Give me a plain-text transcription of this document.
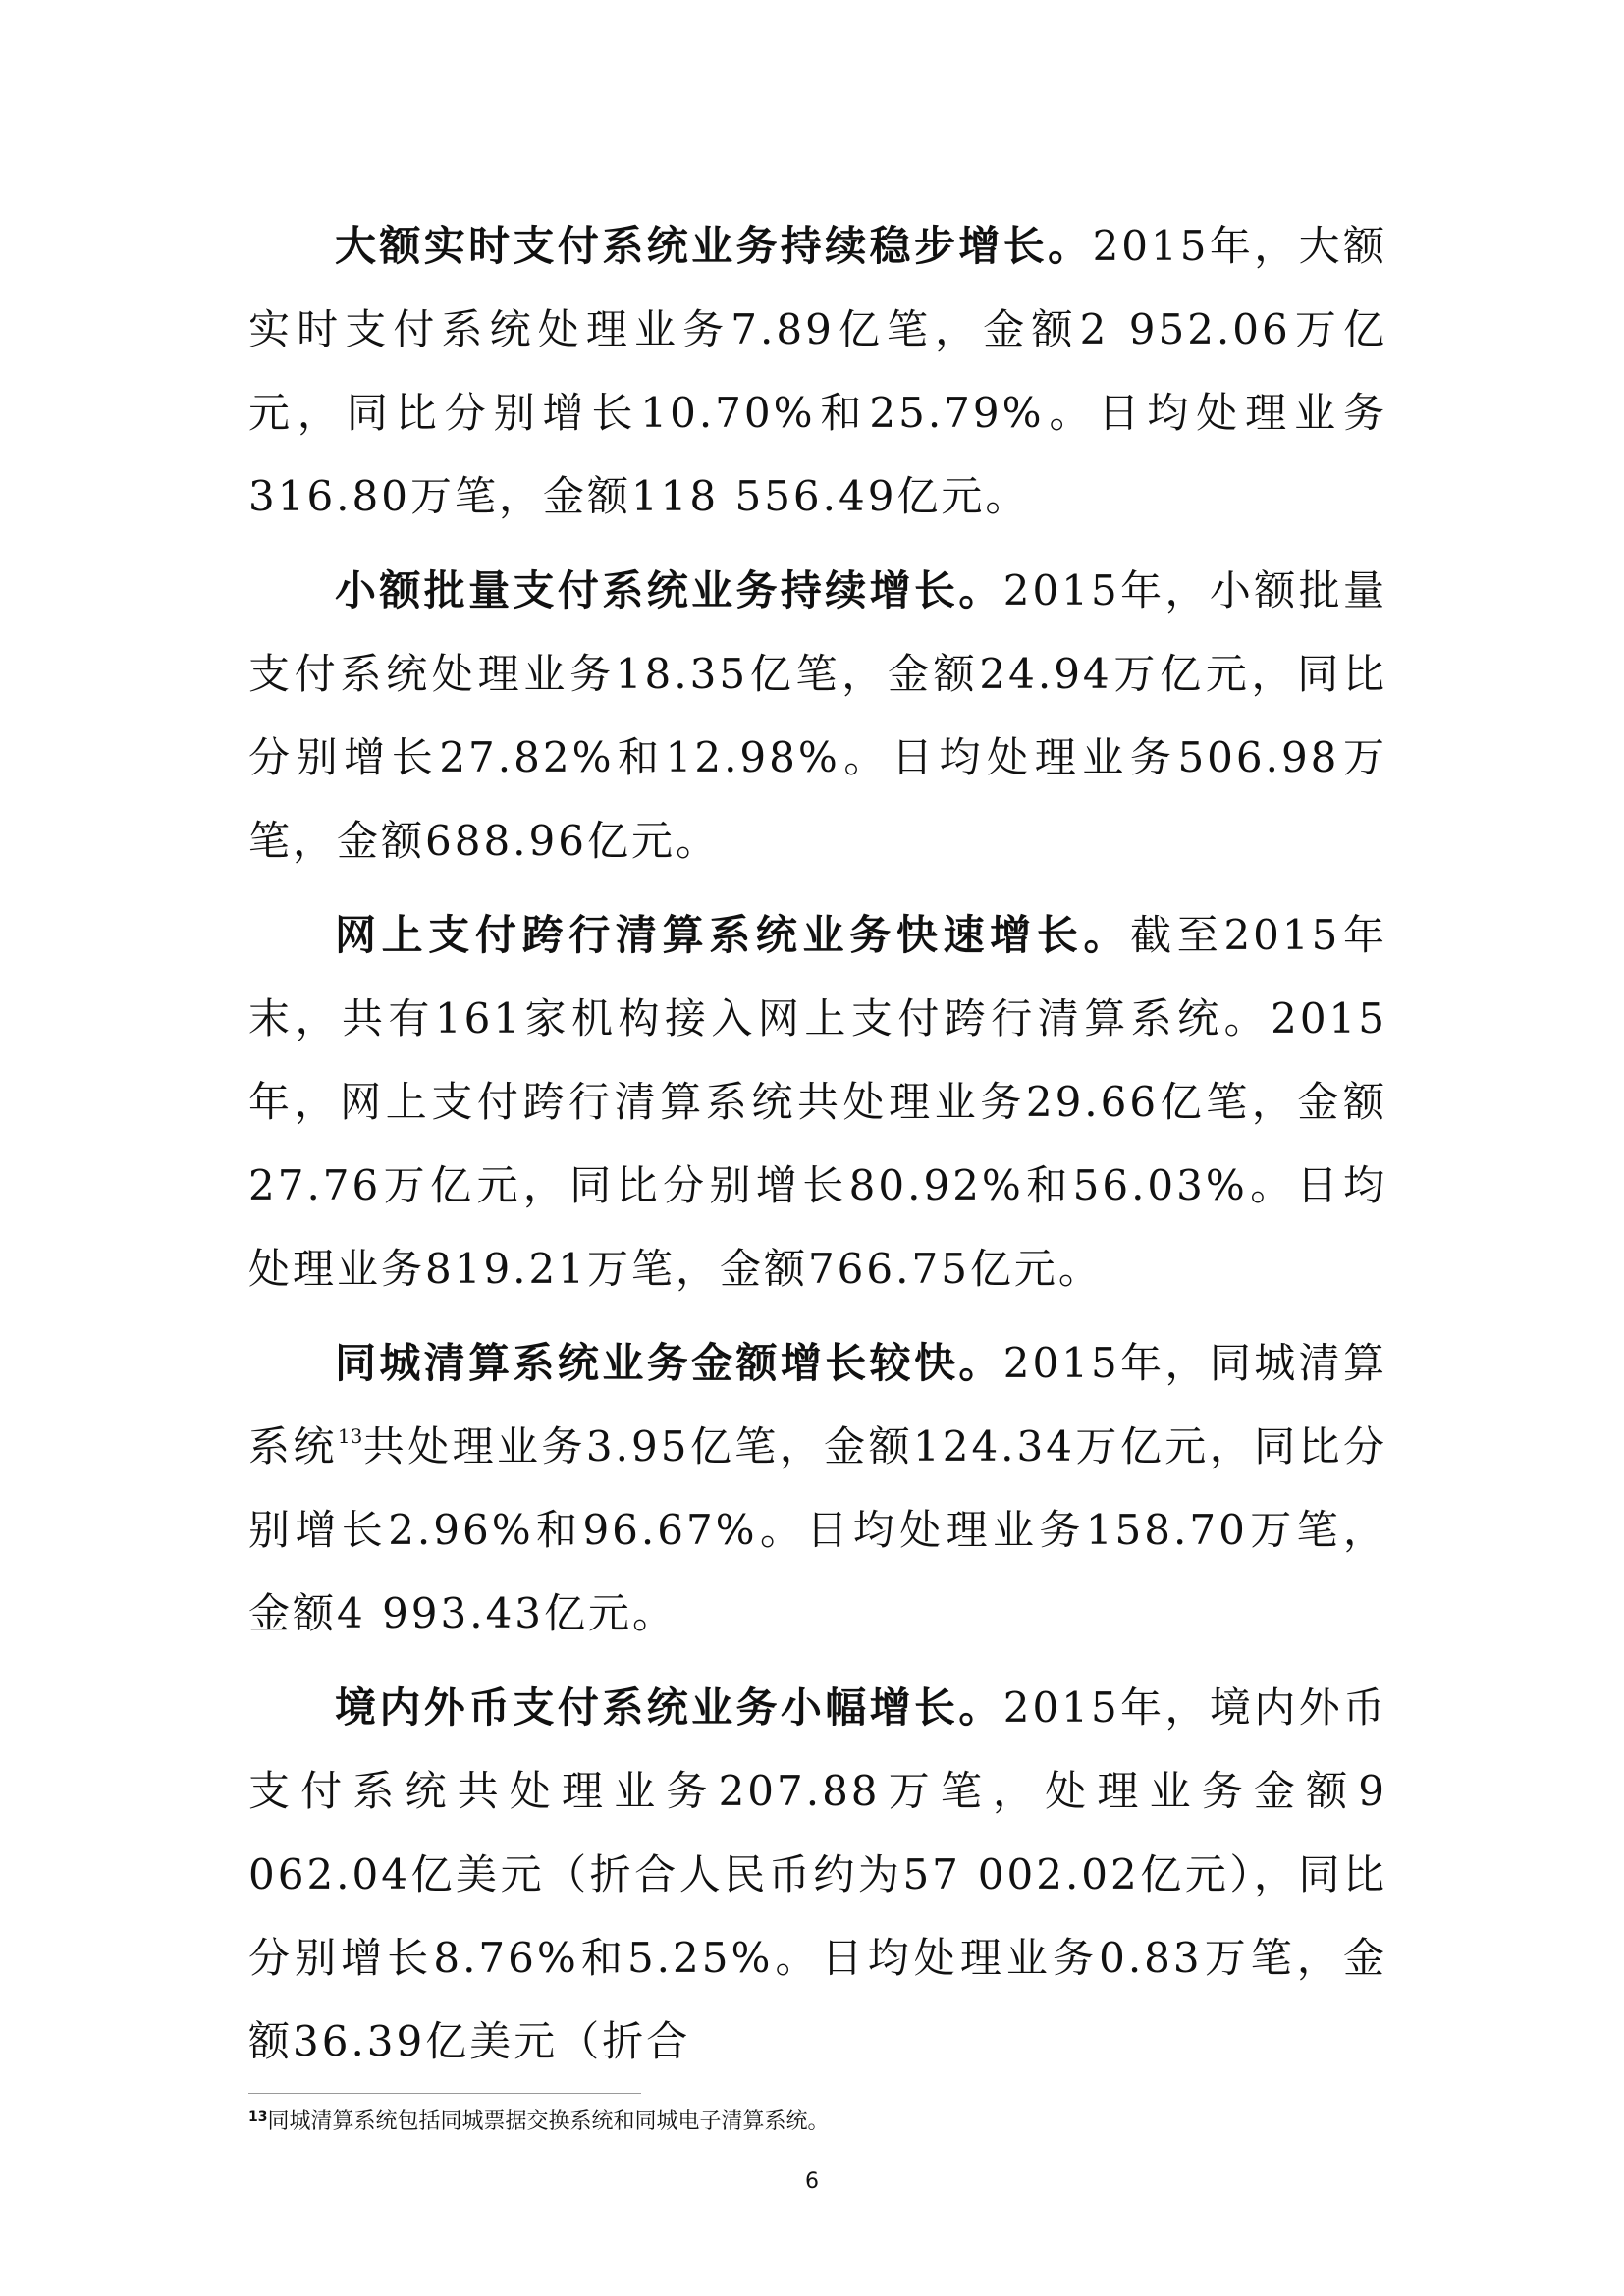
大额实时支付系统业务持续稳步增长。2015年，大额实时支付系统处理业务7.89亿笔，金额2 952.06万亿元，同比分别增长10.70%和25.79%。日均处理业务316.80万笔，金额118 556.49亿元。

小额批量支付系统业务持续增长。2015年，小额批量支付系统处理业务18.35亿笔，金额24.94万亿元，同比分别增长27.82%和12.98%。日均处理业务506.98万笔，金额688.96亿元。

网上支付跨行清算系统业务快速增长。截至2015年末，共有161家机构接入网上支付跨行清算系统。2015年，网上支付跨行清算系统共处理业务29.66亿笔，金额27.76万亿元，同比分别增长80.92%和56.03%。日均处理业务819.21万笔，金额766.75亿元。

同城清算系统业务金额增长较快。2015年，同城清算系统$^{13}$共处理业务3.95亿笔，金额124.34万亿元，同比分别增长2.96%和96.67%。日均处理业务158.70万笔，金额4 993.43亿元。

境内外币支付系统业务小幅增长。2015年，境内外币支付系统共处理业务207.88万笔，处理业务金额9 062.04亿美元（折合人民币约为57 002.02亿元），同比分别增长8.76%和5.25%。日均处理业务0.83万笔，金额36.39亿美元（折合

$^{13}$同城清算系统包括同城票据交换系统和同城电子清算系统。
6
